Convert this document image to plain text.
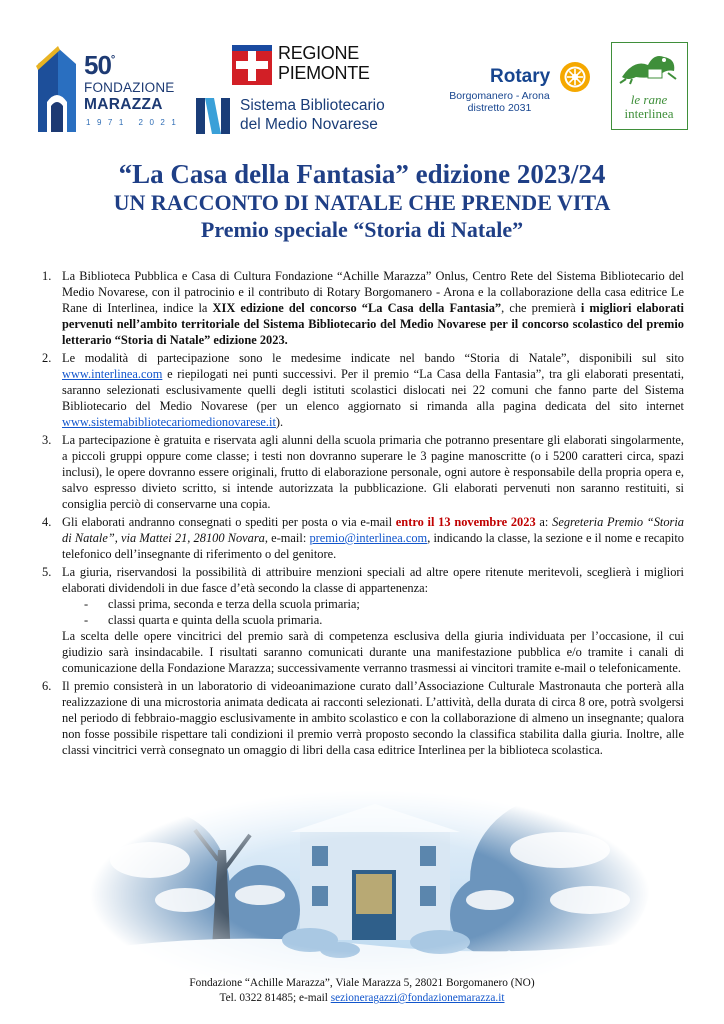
50°
FONDAZIONE
MARAZZA
1971 2021
REGIONE
PIEMONTE
Sistema Bibliotecario
del Medio Novarese
Rotary
Borgomanero - Arona
distretto 2031
le rane
interlinea
“La Casa della Fantasia” edizione 2023/24
UN RACCONTO DI NATALE CHE PRENDE VITA
Premio speciale “Storia di Natale”
1. La Biblioteca Pubblica e Casa di Cultura Fondazione “Achille Marazza” Onlus, Centro Rete del Sistema Bibliotecario del Medio Novarese, con il patrocinio e il contributo di Rotary Borgomanero - Arona e la collaborazione della casa editrice Le Rane di Interlinea, indice la XIX edizione del concorso “La Casa della Fantasia”, che premierà i migliori elaborati pervenuti nell’ambito territoriale del Sistema Bibliotecario del Medio Novarese per il concorso scolastico del premio letterario “Storia di Natale” edizione 2023.
2. Le modalità di partecipazione sono le medesime indicate nel bando “Storia di Natale”, disponibili sul sito www.interlinea.com e riepilogati nei punti successivi. Per il premio “La Casa della Fantasia”, tra gli elaborati presentati, saranno selezionati esclusivamente quelli degli istituti scolastici dislocati nei 22 comuni che fanno parte del Sistema Bibliotecario del Medio Novarese (per un elenco aggiornato si rimanda alla pagina dedicata del sito internet www.sistemabibliotecariomedionovarese.it).
3. La partecipazione è gratuita e riservata agli alunni della scuola primaria che potranno presentare gli elaborati singolarmente, a piccoli gruppi oppure come classe; i testi non dovranno superare le 3 pagine manoscritte (o i 5200 caratteri circa, spazi inclusi), le opere dovranno essere originali, frutto di elaborazione personale, ogni autore è responsabile della propria opera e, salvo espresso divieto scritto, si intende autorizzata la pubblicazione. Gli elaborati pervenuti non saranno restituiti, si consiglia perciò di conservarne una copia.
4. Gli elaborati andranno consegnati o spediti per posta o via e-mail entro il 13 novembre 2023 a: Segreteria Premio “Storia di Natale”, via Mattei 21, 28100 Novara, e-mail: premio@interlinea.com, indicando la classe, la sezione e il nome e recapito telefonico dell’insegnante di riferimento o del genitore.
5. La giuria, riservandosi la possibilità di attribuire menzioni speciali ad altre opere ritenute meritevoli, sceglierà i migliori elaborati dividendoli in due fasce d’età secondo la classe di appartenenza:
- classi prima, seconda e terza della scuola primaria;
- classi quarta e quinta della scuola primaria.
La scelta delle opere vincitrici del premio sarà di competenza esclusiva della giuria individuata per l’occasione, il cui giudizio sarà insindacabile. I risultati saranno comunicati durante una manifestazione pubblica e/o tramite i canali di comunicazione della Fondazione Marazza; successivamente verranno trasmessi ai vincitori tramite e-mail o telefonicamente.
6. Il premio consisterà in un laboratorio di videoanimazione curato dall’Associazione Culturale Mastronauta che porterà alla realizzazione di una microstoria animata dedicata ai racconti selezionati. L’attività, della durata di circa 8 ore, potrà svolgersi nel periodo di febbraio-maggio esclusivamente in ambito scolastico e con la collaborazione di almeno un insegnante; qualora non fosse possibile rispettare tali condizioni il premio verrà proposto secondo la classifica stabilita dalla giuria. Inoltre, alle classi vincitrici verrà consegnato un omaggio di libri della casa editrice Interlinea per la biblioteca scolastica.
Fondazione “Achille Marazza”, Viale Marazza 5, 28021 Borgomanero (NO)
Tel. 0322 81485; e-mail sezioneragazzi@fondazionemarazza.it
